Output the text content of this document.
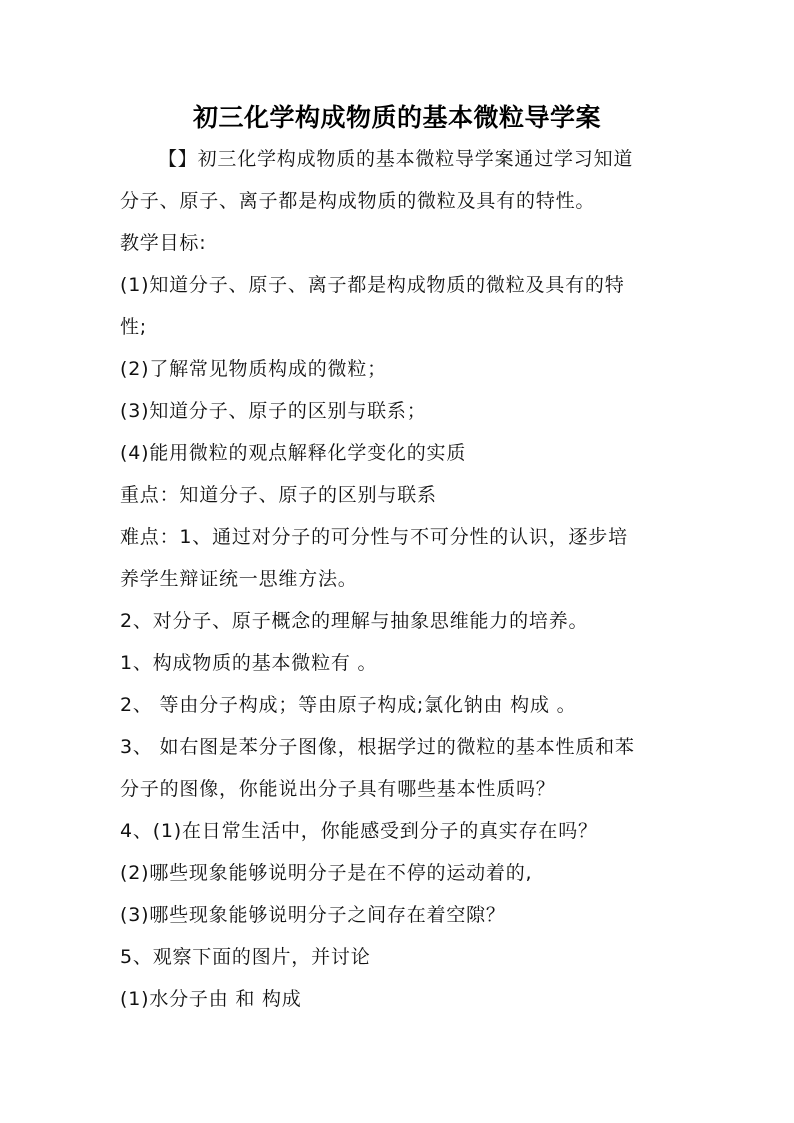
初三化学构成物质的基本微粒导学案
【】初三化学构成物质的基本微粒导学案通过学习知道
分子、原子、离子都是构成物质的微粒及具有的特性。
教学目标:
(1)知道分子、原子、离子都是构成物质的微粒及具有的特
性;
(2)了解常见物质构成的微粒；
(3)知道分子、原子的区别与联系；
(4)能用微粒的观点解释化学变化的实质
重点：知道分子、原子的区别与联系
难点：1、通过对分子的可分性与不可分性的认识，逐步培
养学生辩证统一思维方法。
2、对分子、原子概念的理解与抽象思维能力的培养。
1、构成物质的基本微粒有 。
2、 等由分子构成；等由原子构成;氯化钠由 构成 。
3、 如右图是苯分子图像，根据学过的微粒的基本性质和苯
分子的图像，你能说出分子具有哪些基本性质吗？
4、(1)在日常生活中，你能感受到分子的真实存在吗？
(2)哪些现象能够说明分子是在不停的运动着的,
(3)哪些现象能够说明分子之间存在着空隙？
5、观察下面的图片，并讨论
(1)水分子由 和 构成
